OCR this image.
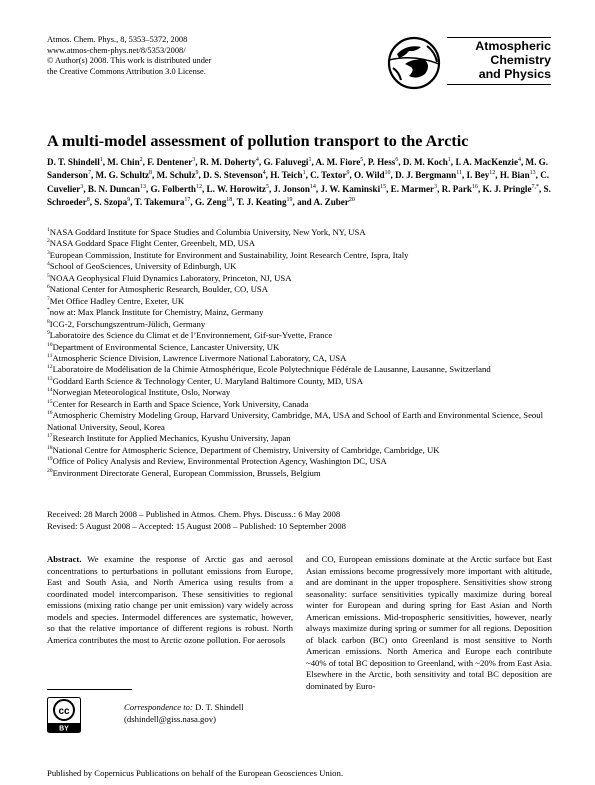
Atmos. Chem. Phys., 8, 5353–5372, 2008
www.atmos-chem-phys.net/8/5353/2008/
© Author(s) 2008. This work is distributed under
the Creative Commons Attribution 3.0 License.
Atmospheric
Chemistry
and Physics
A multi-model assessment of pollution transport to the Arctic
D. T. Shindell$^1$, M. Chin$^2$, F. Dentener$^3$, R. M. Doherty$^4$, G. Faluvegi$^1$, A. M. Fiore$^5$, P. Hess$^6$, D. M. Koch$^1$, I. A. MacKenzie$^4$, M. G. Sanderson$^7$, M. G. Schultz$^8$, M. Schulz$^9$, D. S. Stevenson$^4$, H. Teich$^1$, C. Textor$^9$, O. Wild$^{10}$, D. J. Bergmann$^{11}$, I. Bey$^{12}$, H. Bian$^{13}$, C. Cuvelier$^3$, B. N. Duncan$^{13}$, G. Folberth$^{12}$, L. W. Horowitz$^5$, J. Jonson$^{14}$, J. W. Kaminski$^{15}$, E. Marmer$^3$, R. Park$^{16}$, K. J. Pringle$^{7,*}$, S. Schroeder$^8$, S. Szopa$^9$, T. Takemura$^{17}$, G. Zeng$^{18}$, T. J. Keating$^{19}$, and A. Zuber$^{20}$
$^1$NASA Goddard Institute for Space Studies and Columbia University, New York, NY, USA
$^2$NASA Goddard Space Flight Center, Greenbelt, MD, USA
$^3$European Commission, Institute for Environment and Sustainability, Joint Research Centre, Ispra, Italy
$^4$School of GeoSciences, University of Edinburgh, UK
$^5$NOAA Geophysical Fluid Dynamics Laboratory, Princeton, NJ, USA
$^6$National Center for Atmospheric Research, Boulder, CO, USA
$^7$Met Office Hadley Centre, Exeter, UK
*now at: Max Planck Institute for Chemistry, Mainz, Germany
$^8$ICG-2, Forschungszentrum-Jülich, Germany
$^9$Laboratoire des Science du Climat et de l’Environnement, Gif-sur-Yvette, France
$^{10}$Department of Environmental Science, Lancaster University, UK
$^{11}$Atmospheric Science Division, Lawrence Livermore National Laboratory, CA, USA
$^{12}$Laboratoire de Modélisation de la Chimie Atmosphérique, Ecole Polytechnique Fédérale de Lausanne, Lausanne, Switzerland
$^{13}$Goddard Earth Science & Technology Center, U. Maryland Baltimore County, MD, USA
$^{14}$Norwegian Meteorological Institute, Oslo, Norway
$^{15}$Center for Research in Earth and Space Science, York University, Canada
$^{16}$Atmospheric Chemistry Modeling Group, Harvard University, Cambridge, MA, USA and School of Earth and Environmental Science, Seoul National University, Seoul, Korea
$^{17}$Research Institute for Applied Mechanics, Kyushu University, Japan
$^{18}$National Centre for Atmospheric Science, Department of Chemistry, University of Cambridge, Cambridge, UK
$^{19}$Office of Policy Analysis and Review, Environmental Protection Agency, Washington DC, USA
$^{20}$Environment Directorate General, European Commission, Brussels, Belgium
Received: 28 March 2008 – Published in Atmos. Chem. Phys. Discuss.: 6 May 2008
Revised: 5 August 2008 – Accepted: 15 August 2008 – Published: 10 September 2008
Abstract. We examine the response of Arctic gas and aerosol concentrations to perturbations in pollutant emissions from Europe, East and South Asia, and North America using results from a coordinated model intercomparison. These sensitivities to regional emissions (mixing ratio change per unit emission) vary widely across models and species. Intermodel differences are systematic, however, so that the relative importance of different regions is robust. North America contributes the most to Arctic ozone pollution. For aerosols
and CO, European emissions dominate at the Arctic surface but East Asian emissions become progressively more important with altitude, and are dominant in the upper troposphere. Sensitivities show strong seasonality: surface sensitivities typically maximize during boreal winter for European and during spring for East Asian and North American emissions. Mid-tropospheric sensitivities, however, nearly always maximize during spring or summer for all regions. Deposition of black carbon (BC) onto Greenland is most sensitive to North American emissions. North America and Europe each contribute ~40% of total BC deposition to Greenland, with ~20% from East Asia. Elsewhere in the Arctic, both sensitivity and total BC deposition are dominated by Euro-
cc
BY
Correspondence to: D. T. Shindell
(dshindell@giss.nasa.gov)
Published by Copernicus Publications on behalf of the European Geosciences Union.
